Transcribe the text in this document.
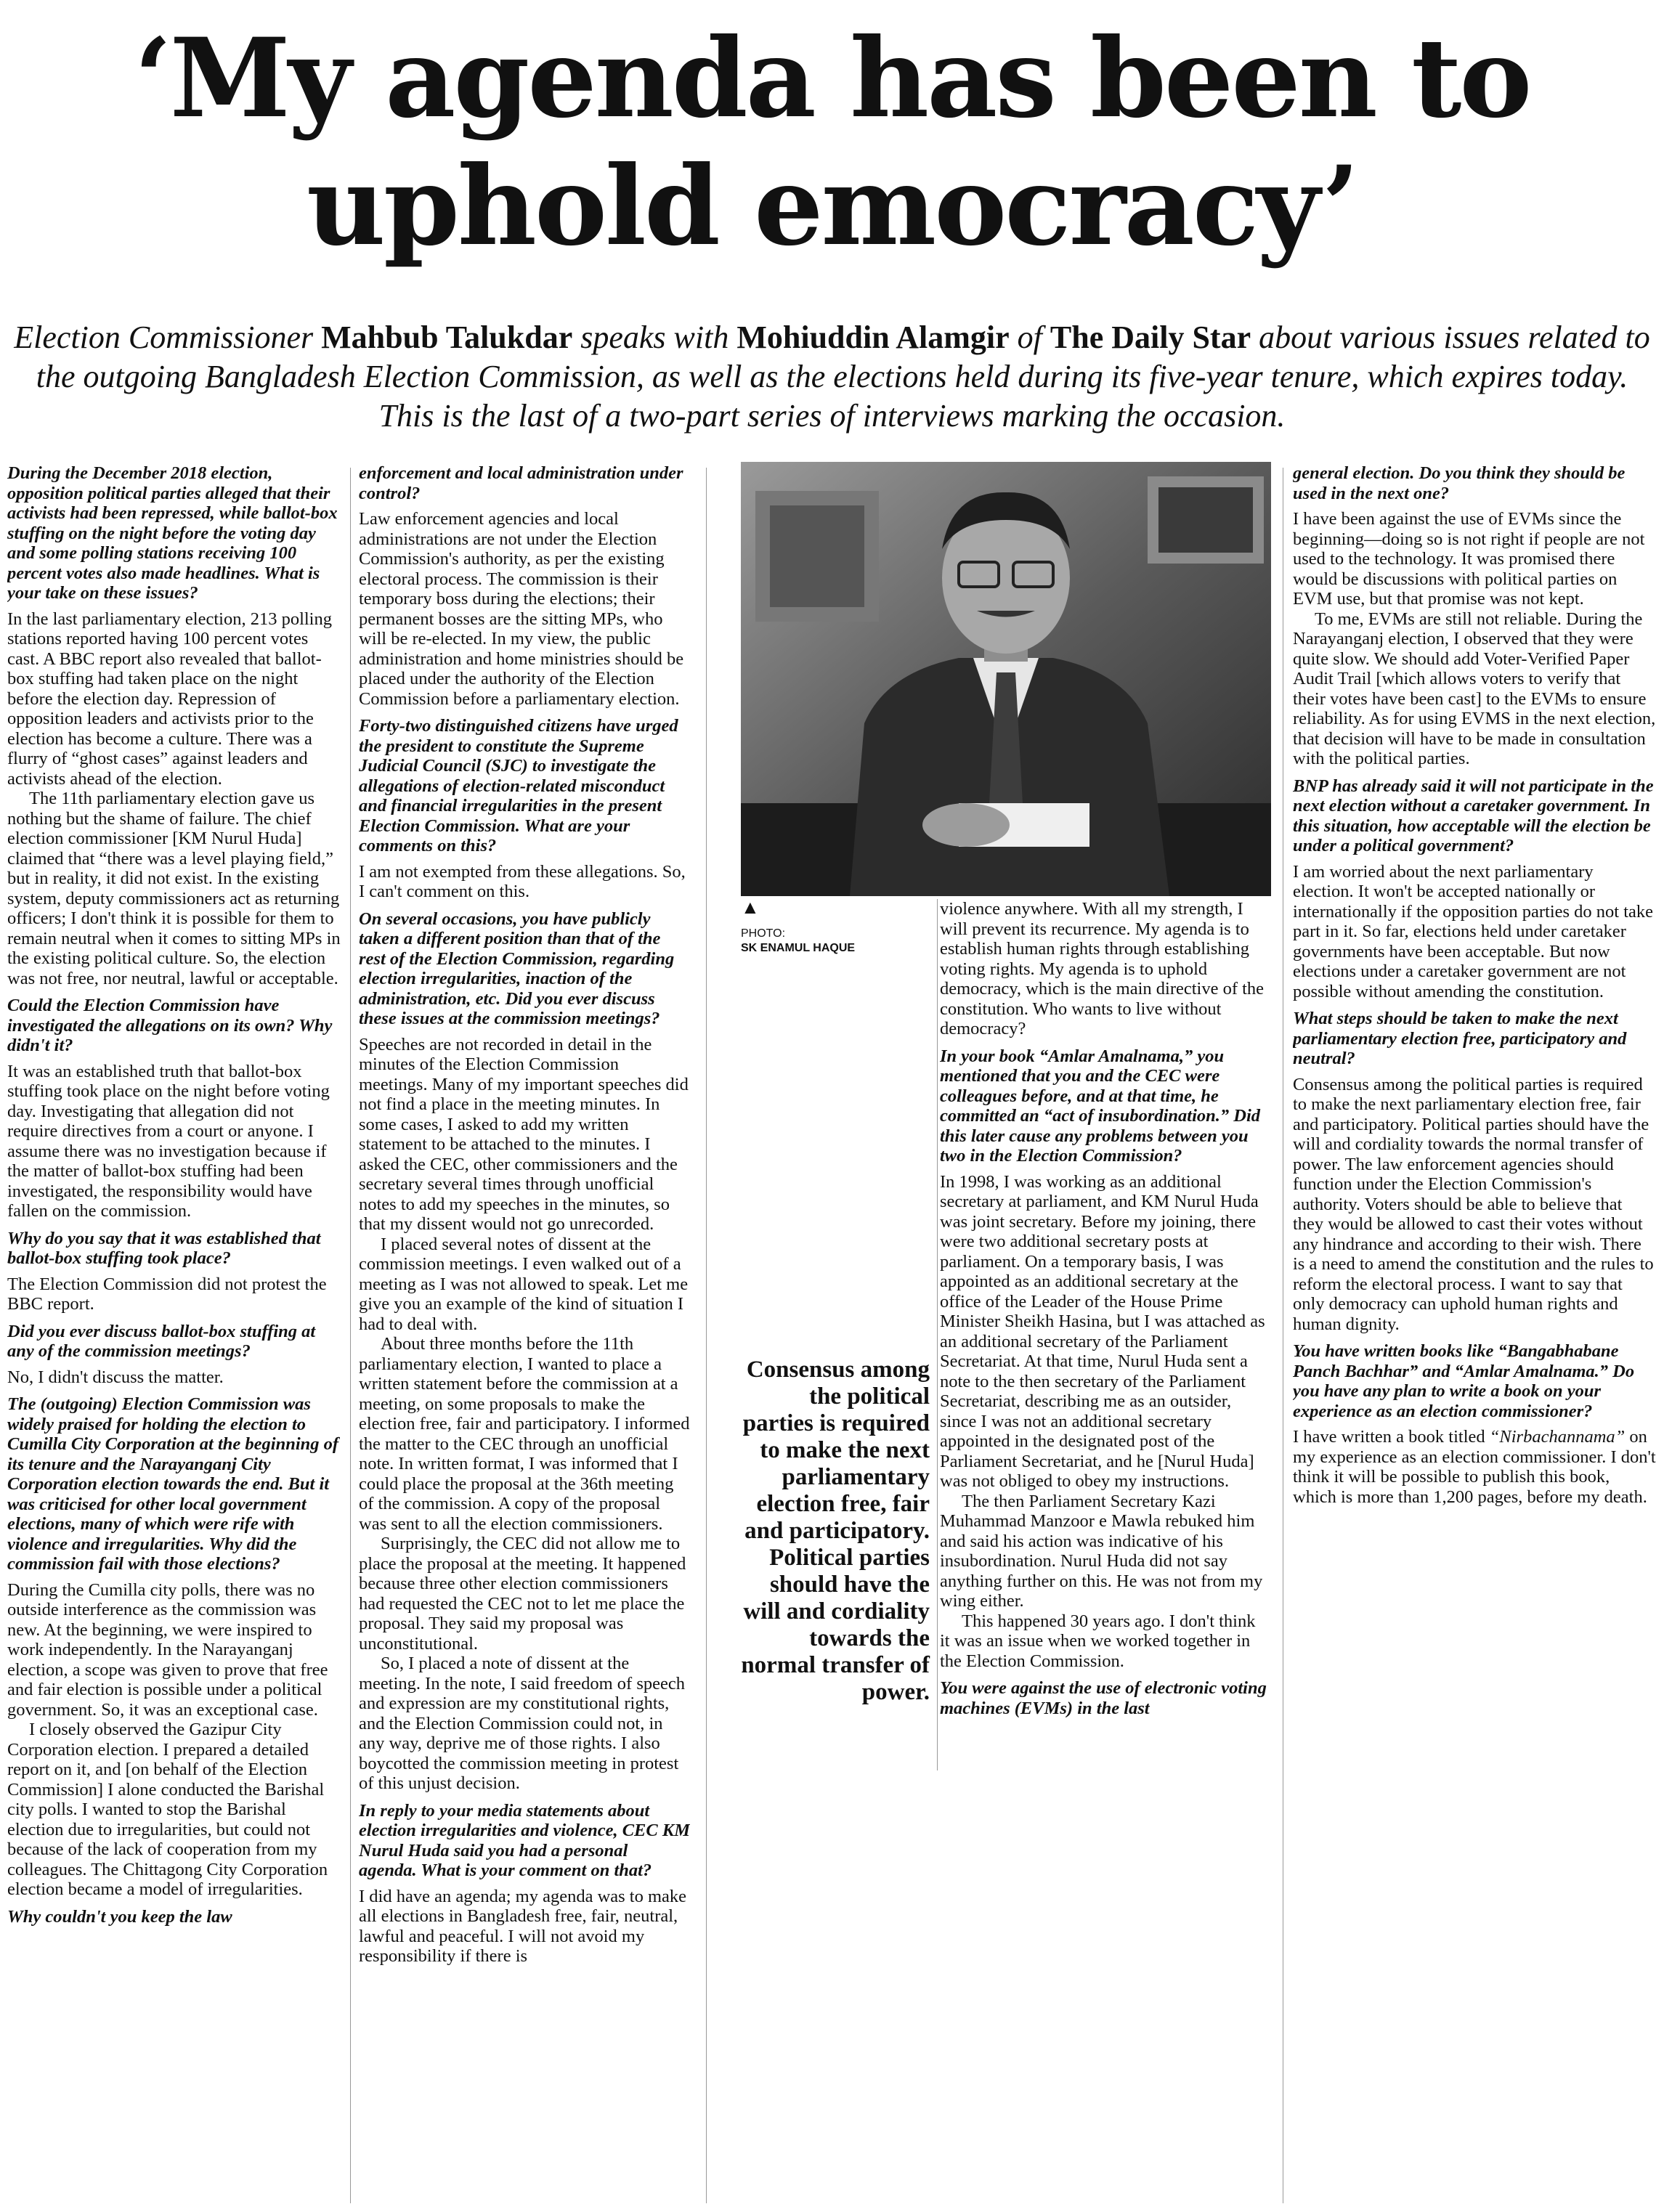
‘My agenda has been to
uphold emocracy’

Election Commissioner Mahbub Talukdar speaks with Mohiuddin Alamgir of The Daily Star about various issues related to the outgoing Bangladesh Election Commission, as well as the elections held during its five-year tenure, which expires today. This is the last of a two-part series of interviews marking the occasion.

During the December 2018 election, opposition political parties alleged that their activists had been repressed, while ballot-box stuffing on the night before the voting day and some polling stations receiving 100 percent votes also made headlines. What is your take on these issues?

In the last parliamentary election, 213 polling stations reported having 100 percent votes cast. A BBC report also revealed that ballot-box stuffing had taken place on the night before the election day. Repression of opposition leaders and activists prior to the election has become a culture. There was a flurry of “ghost cases” against leaders and activists ahead of the election.

The 11th parliamentary election gave us nothing but the shame of failure. The chief election commissioner [KM Nurul Huda] claimed that “there was a level playing field,” but in reality, it did not exist. In the existing system, deputy commissioners act as returning officers; I don't think it is possible for them to remain neutral when it comes to sitting MPs in the existing political culture. So, the election was not free, nor neutral, lawful or acceptable.

Could the Election Commission have investigated the allegations on its own? Why didn't it?

It was an established truth that ballot-box stuffing took place on the night before voting day. Investigating that allegation did not require directives from a court or anyone. I assume there was no investigation because if the matter of ballot-box stuffing had been investigated, the responsibility would have fallen on the commission.

Why do you say that it was established that ballot-box stuffing took place?

The Election Commission did not protest the BBC report.

Did you ever discuss ballot-box stuffing at any of the commission meetings?

No, I didn't discuss the matter.

The (outgoing) Election Commission was widely praised for holding the election to Cumilla City Corporation at the beginning of its tenure and the Narayanganj City Corporation election towards the end. But it was criticised for other local government elections, many of which were rife with violence and irregularities. Why did the commission fail with those elections?

During the Cumilla city polls, there was no outside interference as the commission was new. At the beginning, we were inspired to work independently. In the Narayanganj election, a scope was given to prove that free and fair election is possible under a political government. So, it was an exceptional case.

I closely observed the Gazipur City Corporation election. I prepared a detailed report on it, and [on behalf of the Election Commission] I alone conducted the Barishal city polls. I wanted to stop the Barishal election due to irregularities, but could not because of the lack of cooperation from my colleagues. The Chittagong City Corporation election became a model of irregularities.

Why couldn't you keep the law
enforcement and local administration under control?

Law enforcement agencies and local administrations are not under the Election Commission's authority, as per the existing electoral process. The commission is their temporary boss during the elections; their permanent bosses are the sitting MPs, who will be re-elected. In my view, the public administration and home ministries should be placed under the authority of the Election Commission before a parliamentary election.

Forty-two distinguished citizens have urged the president to constitute the Supreme Judicial Council (SJC) to investigate the allegations of election-related misconduct and financial irregularities in the present Election Commission. What are your comments on this?

I am not exempted from these allegations. So, I can't comment on this.

On several occasions, you have publicly taken a different position than that of the rest of the Election Commission, regarding election irregularities, inaction of the administration, etc. Did you ever discuss these issues at the commission meetings?

Speeches are not recorded in detail in the minutes of the Election Commission meetings. Many of my important speeches did not find a place in the meeting minutes. In some cases, I asked to add my written statement to be attached to the minutes. I asked the CEC, other commissioners and the secretary several times through unofficial notes to add my speeches in the minutes, so that my dissent would not go unrecorded.

I placed several notes of dissent at the commission meetings. I even walked out of a meeting as I was not allowed to speak. Let me give you an example of the kind of situation I had to deal with.

About three months before the 11th parliamentary election, I wanted to place a written statement before the commission at a meeting, on some proposals to make the election free, fair and participatory. I informed the matter to the CEC through an unofficial note. In written format, I was informed that I could place the proposal at the 36th meeting of the commission. A copy of the proposal was sent to all the election commissioners.

Surprisingly, the CEC did not allow me to place the proposal at the meeting. It happened because three other election commissioners had requested the CEC not to let me place the proposal. They said my proposal was unconstitutional.

So, I placed a note of dissent at the meeting. In the note, I said freedom of speech and expression are my constitutional rights, and the Election Commission could not, in any way, deprive me of those rights. I also boycotted the commission meeting in protest of this unjust decision.

In reply to your media statements about election irregularities and violence, CEC KM Nurul Huda said you had a personal agenda. What is your comment on that?

I did have an agenda; my agenda was to make all elections in Bangladesh free, fair, neutral, lawful and peaceful. I will not avoid my responsibility if there is

▲
PHOTO:
SK ENAMUL HAQUE
Consensus among the political parties is required to make the next parliamentary election free, fair and participatory. Political parties should have the will and cordiality towards the normal transfer of power.

violence anywhere. With all my strength, I will prevent its recurrence. My agenda is to establish human rights through establishing voting rights. My agenda is to uphold democracy, which is the main directive of the constitution. Who wants to live without democracy?

In your book “Amlar Amalnama,” you mentioned that you and the CEC were colleagues before, and at that time, he committed an “act of insubordination.” Did this later cause any problems between you two in the Election Commission?

In 1998, I was working as an additional secretary at parliament, and KM Nurul Huda was joint secretary. Before my joining, there were two additional secretary posts at parliament. On a temporary basis, I was appointed as an additional secretary at the office of the Leader of the House Prime Minister Sheikh Hasina, but I was attached as an additional secretary of the Parliament Secretariat. At that time, Nurul Huda sent a note to the then secretary of the Parliament Secretariat, describing me as an outsider, since I was not an additional secretary appointed in the designated post of the Parliament Secretariat, and he [Nurul Huda] was not obliged to obey my instructions.

The then Parliament Secretary Kazi Muhammad Manzoor e Mawla rebuked him and said his action was indicative of his insubordination. Nurul Huda did not say anything further on this. He was not from my wing either.

This happened 30 years ago. I don't think it was an issue when we worked together in the Election Commission.

You were against the use of electronic voting machines (EVMs) in the last
general election. Do you think they should be used in the next one?

I have been against the use of EVMs since the beginning—doing so is not right if people are not used to the technology. It was promised there would be discussions with political parties on EVM use, but that promise was not kept.

To me, EVMs are still not reliable. During the Narayanganj election, I observed that they were quite slow. We should add Voter-Verified Paper Audit Trail [which allows voters to verify that their votes have been cast] to the EVMs to ensure reliability. As for using EVMS in the next election, that decision will have to be made in consultation with the political parties.

BNP has already said it will not participate in the next election without a caretaker government. In this situation, how acceptable will the election be under a political government?

I am worried about the next parliamentary election. It won't be accepted nationally or internationally if the opposition parties do not take part in it. So far, elections held under caretaker governments have been acceptable. But now elections under a caretaker government are not possible without amending the constitution.

What steps should be taken to make the next parliamentary election free, participatory and neutral?

Consensus among the political parties is required to make the next parliamentary election free, fair and participatory. Political parties should have the will and cordiality towards the normal transfer of power. The law enforcement agencies should function under the Election Commission's authority. Voters should be able to believe that they would be allowed to cast their votes without any hindrance and according to their wish. There is a need to amend the constitution and the rules to reform the electoral process. I want to say that only democracy can uphold human rights and human dignity.

You have written books like “Bangabhabane Panch Bachhar” and “Amlar Amalnama.” Do you have any plan to write a book on your experience as an election commissioner?

I have written a book titled “Nirbachannama” on my experience as an election commissioner. I don't think it will be possible to publish this book, which is more than 1,200 pages, before my death.
